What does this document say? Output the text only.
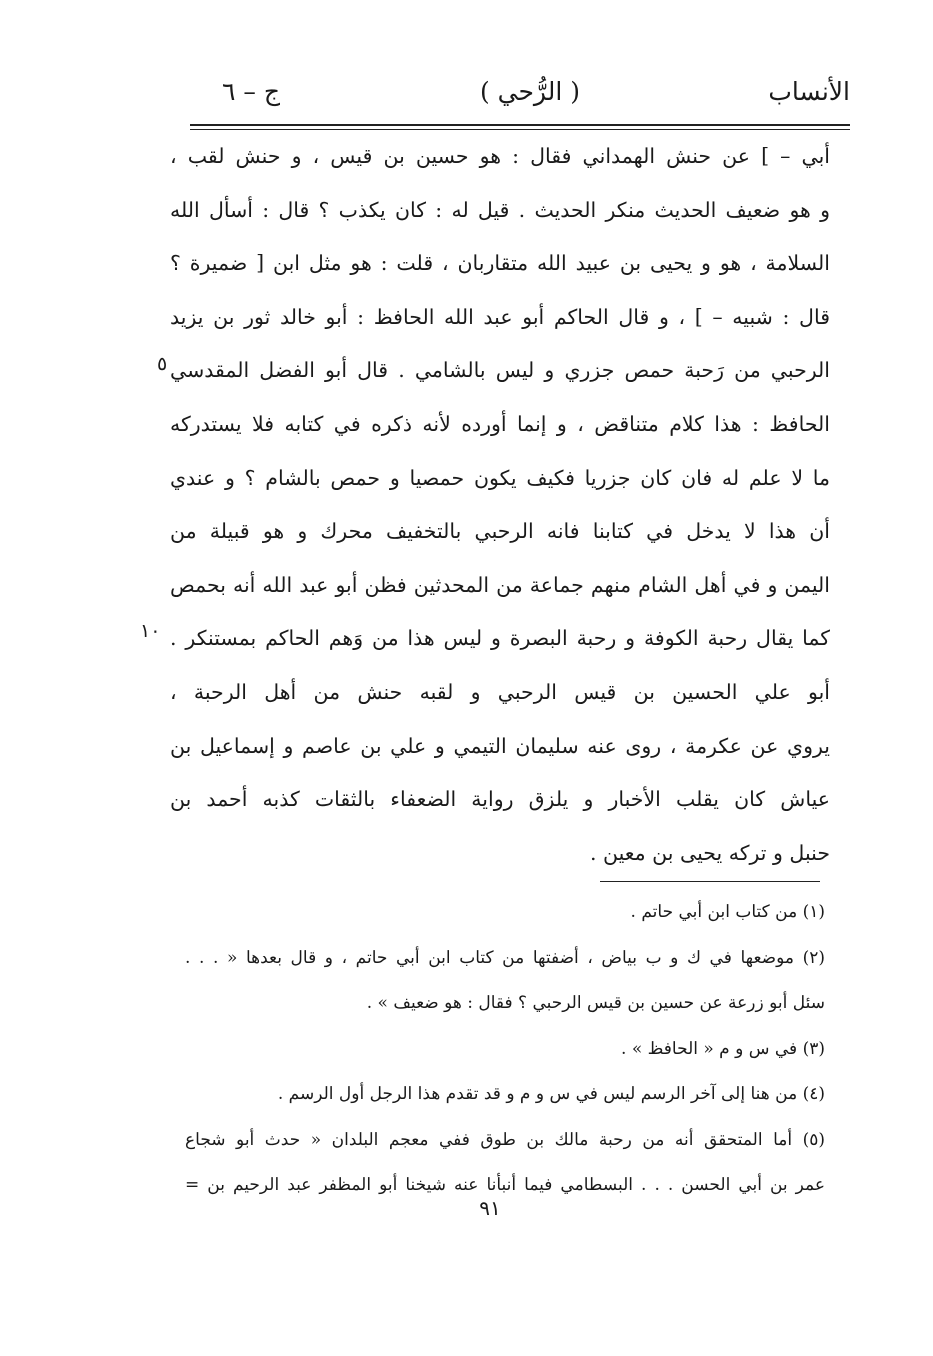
الأنساب
( الرُّحي )
ج – ٦
أبي – ] عن حنش الهمداني فقال : هو حسين بن قيس ، و حنش لقب ،
و هو ضعيف الحديث منكر الحديث . قيل له : كان يكذب ؟ قال : أسأل الله
السلامة ، هو و يحيى بن عبيد الله متقاربان ، قلت : هو مثل ابن [ ضميرة ؟
قال : شبيه – ] ، و قال الحاكم أبو عبد الله الحافظ : أبو خالد ثور بن يزيد
الرحبي من رَحبة حمص جزري و ليس بالشامي . قال أبو الفضل المقدسي
الحافظ : هذا كلام متناقض ، و إنما أورده لأنه ذكره في كتابه فلا يستدركه
ما لا علم له فان كان جزريا فكيف يكون حمصيا و حمص بالشام ؟ و عندي
أن هذا لا يدخل في كتابنا فانه الرحبي بالتخفيف محرك و هو قبيلة من
اليمن و في أهل الشام منهم جماعة من المحدثين فظن أبو عبد الله أنه بحمص
كما يقال رحبة الكوفة و رحبة البصرة و ليس هذا من وَهم الحاكم بمستنكر .
أبو علي الحسين بن قيس الرحبي و لقبه حنش من أهل الرحبة ،
يروي عن عكرمة ، روى عنه سليمان التيمي و علي بن عاصم و إسماعيل بن
عياش كان يقلب الأخبار و يلزق رواية الضعفاء بالثقات كذبه أحمد بن
حنبل و تركه يحيى بن معين .
٥
١٠
(١) من كتاب ابن أبي حاتم .
(٢) موضعها في ك و ب بياض ، أضفتها من كتاب ابن أبي حاتم ، و قال بعدها « . . .
سئل أبو زرعة عن حسين بن قيس الرحبي ؟ فقال : هو ضعيف » .
(٣) في س و م « الحافظ » .
(٤) من هنا إلى آخر الرسم ليس في س و م و قد تقدم هذا الرجل أول الرسم .
(٥) أما المتحقق أنه من رحبة مالك بن طوق ففي معجم البلدان « حدث أبو شجاع
عمر بن أبي الحسن . . . البسطامي فيما أنبأنا عنه شيخنا أبو المظفر عبد الرحيم بن =
٩١
